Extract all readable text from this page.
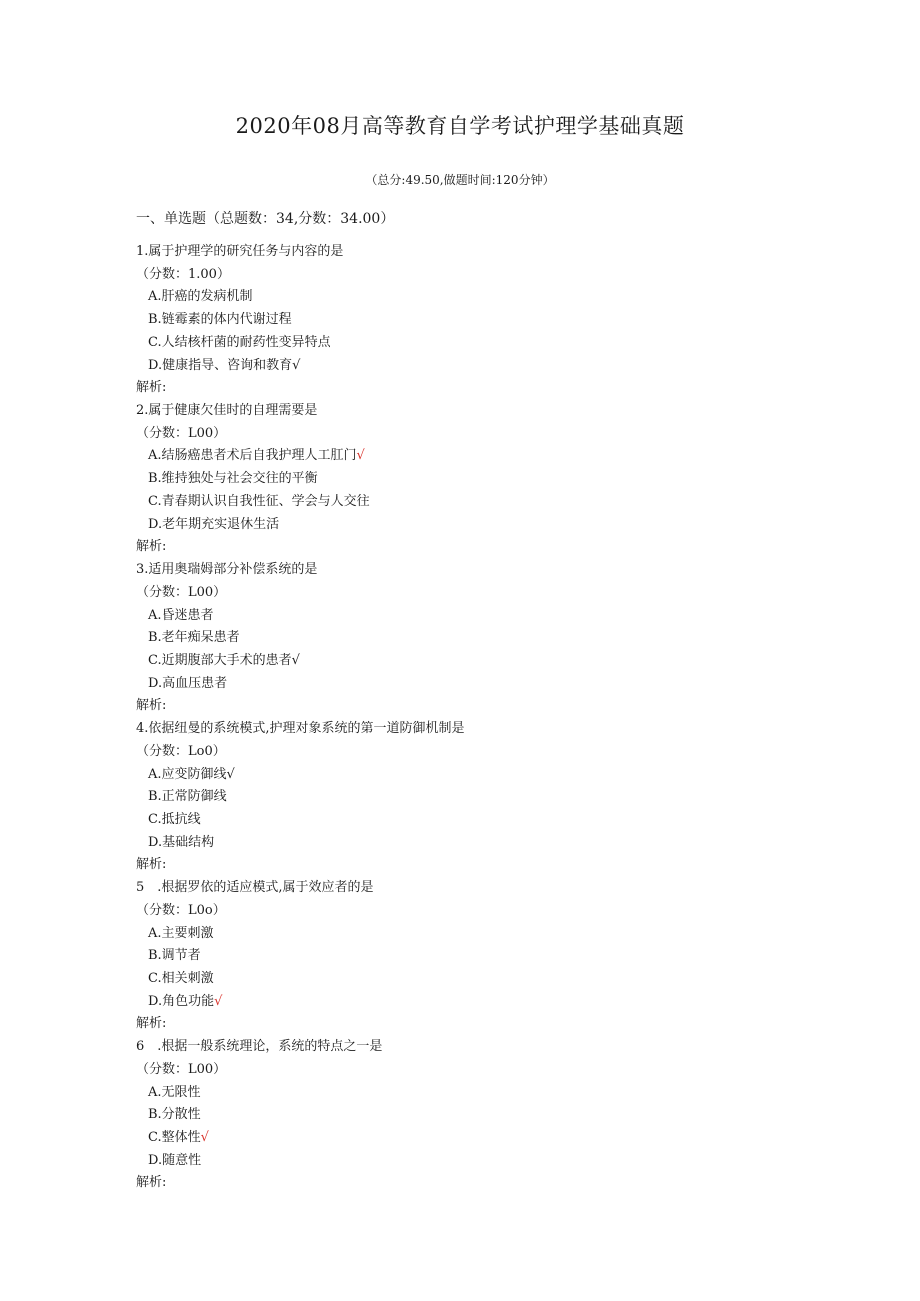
2020年08月高等教育自学考试护理学基础真题
（总分:49.50,做题时间:120分钟）
一、单选题（总题数：34,分数：34.00）
1.属于护理学的研究任务与内容的是
（分数：1.00）
A.肝癌的发病机制
B.链霉素的体内代谢过程
C.人结核杆菌的耐药性变异特点
D.健康指导、咨询和教育√
解析:
2.属于健康欠佳时的自理需要是
（分数：L00）
A.结肠癌患者术后自我护理人工肛门√
B.维持独处与社会交往的平衡
C.青春期认识自我性征、学会与人交往
D.老年期充实退休生活
解析:
3.适用奥瑞姆部分补偿系统的是
（分数：L00）
A.昏迷患者
B.老年痴呆患者
C.近期腹部大手术的患者√
D.高血压患者
解析:
4.依据纽曼的系统模式,护理对象系统的第一道防御机制是
（分数：Lo0）
A.应变防御线√
B.正常防御线
C.抵抗线
D.基础结构
解析:
5　.根据罗依的适应模式,属于效应者的是
（分数：L0o）
A.主要刺激
B.调节者
C.相关刺激
D.角色功能√
解析:
6　.根据一般系统理论，系统的特点之一是
（分数：L00）
A.无限性
B.分散性
C.整体性√
D.随意性
解析:
